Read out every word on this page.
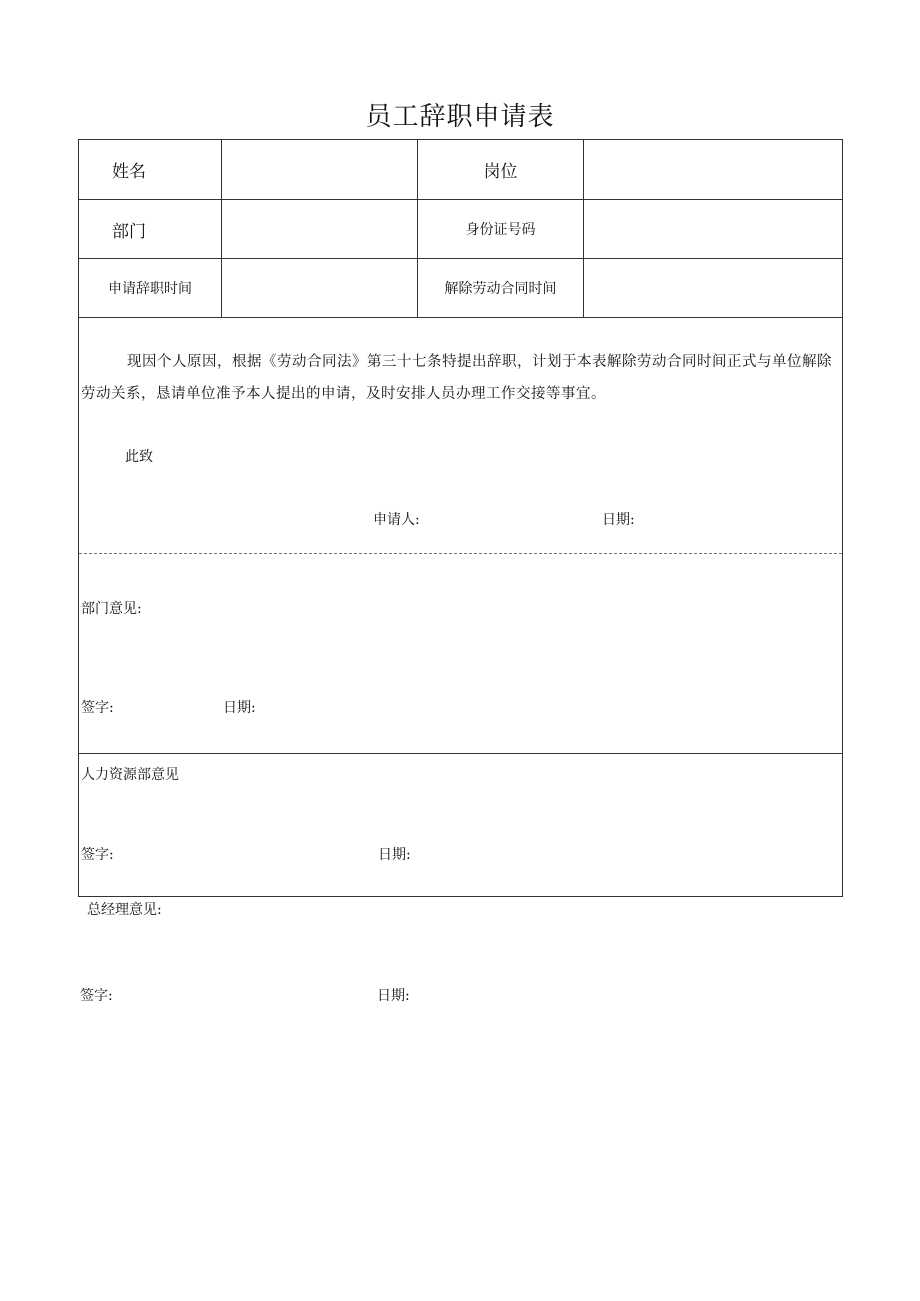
员工辞职申请表
姓名	岗位
部门	身份证号码
申请辞职时间	解除劳动合同时间
现因个人原因，根据《劳动合同法》第三十七条特提出辞职，计划于本表解除劳动合同时间正式与单位解除劳动关系，恳请单位准予本人提出的申请，及时安排人员办理工作交接等事宜。
此致
申请人:	日期:
部门意见:
签字:	日期:
人力资源部意见
签字:	日期:
总经理意见:
签字:	日期:
